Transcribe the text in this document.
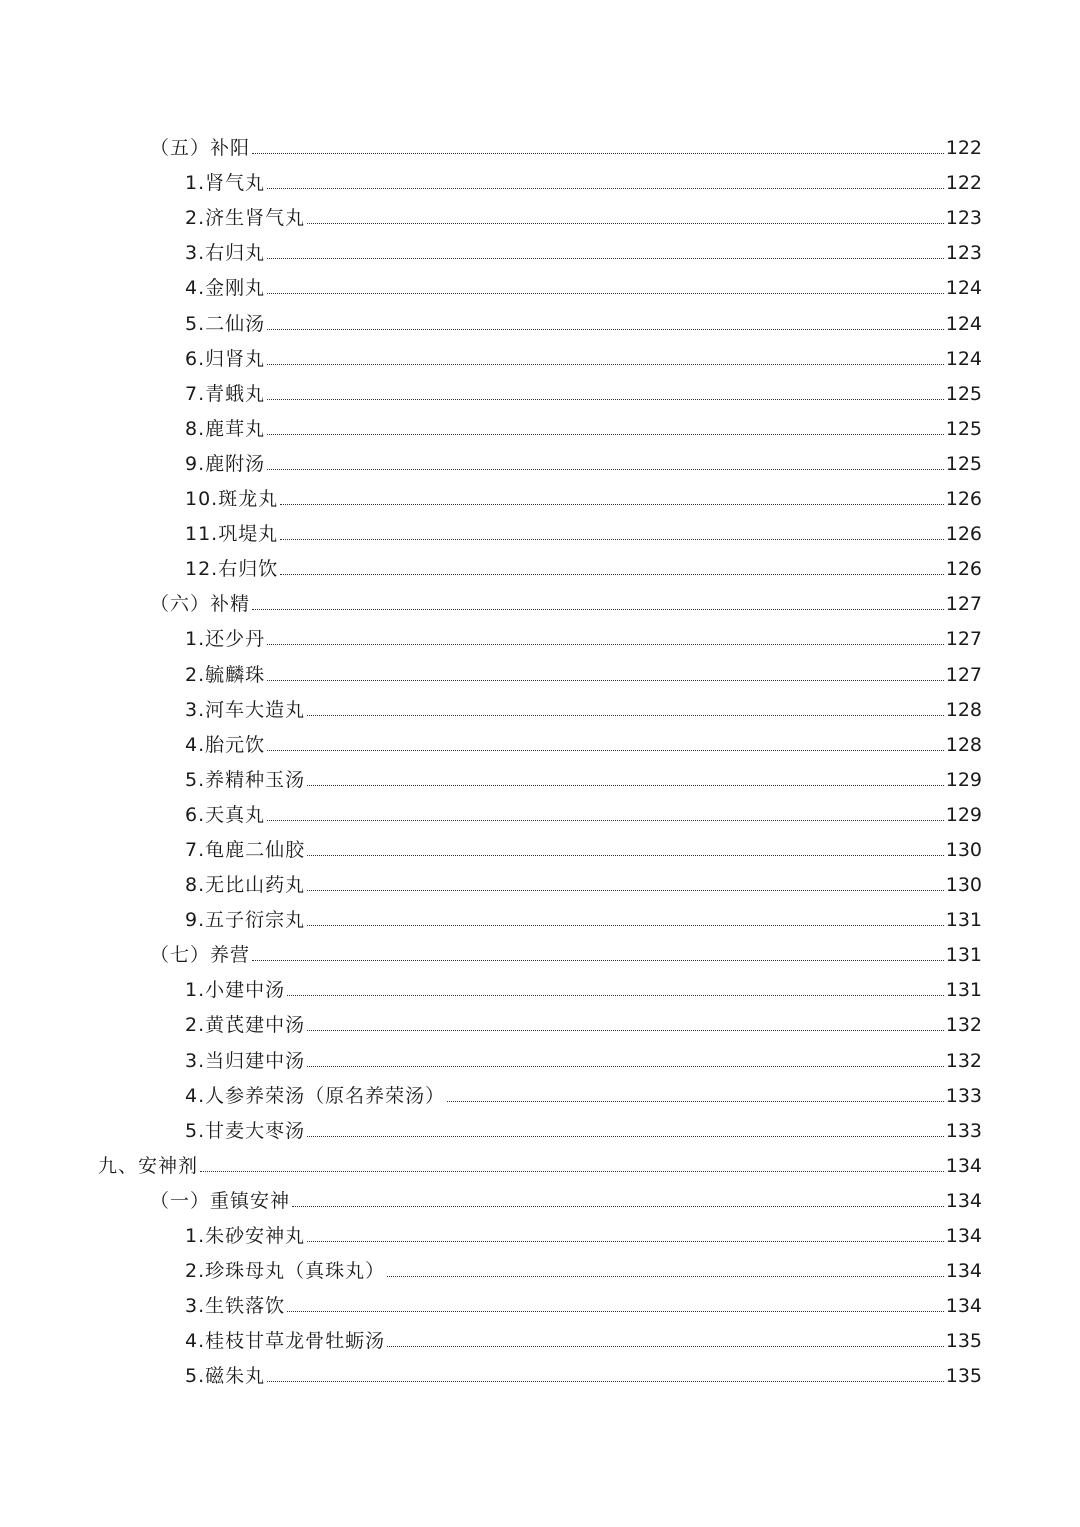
（五）补阳	122
1.肾气丸	122
2.济生肾气丸	123
3.右归丸	123
4.金刚丸	124
5.二仙汤	124
6.归肾丸	124
7.青蛾丸	125
8.鹿茸丸	125
9.鹿附汤	125
10.斑龙丸	126
11.巩堤丸	126
12.右归饮	126
（六）补精	127
1.还少丹	127
2.毓麟珠	127
3.河车大造丸	128
4.胎元饮	128
5.养精种玉汤	129
6.天真丸	129
7.龟鹿二仙胶	130
8.无比山药丸	130
9.五子衍宗丸	131
（七）养营	131
1.小建中汤	131
2.黄芪建中汤	132
3.当归建中汤	132
4.人参养荣汤（原名养荣汤）	133
5.甘麦大枣汤	133
九、安神剂	134
（一）重镇安神	134
1.朱砂安神丸	134
2.珍珠母丸（真珠丸）	134
3.生铁落饮	134
4.桂枝甘草龙骨牡蛎汤	135
5.磁朱丸	135
